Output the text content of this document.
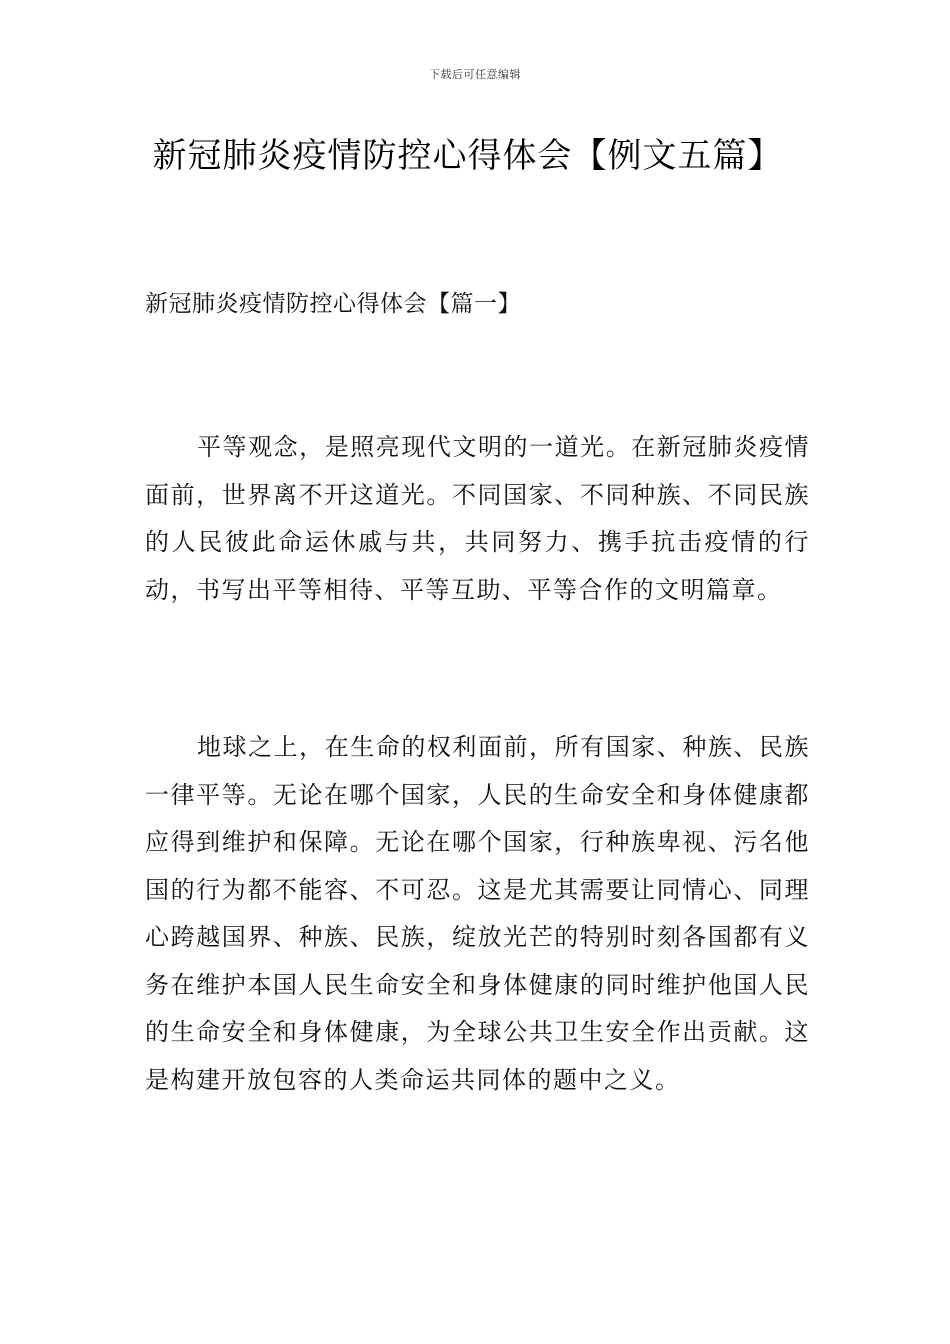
下载后可任意编辑
新冠肺炎疫情防控心得体会【例文五篇】
新冠肺炎疫情防控心得体会【篇一】

平等观念，是照亮现代文明的一道光。在新冠肺炎疫情面前，世界离不开这道光。不同国家、不同种族、不同民族的人民彼此命运休戚与共，共同努力、携手抗击疫情的行动，书写出平等相待、平等互助、平等合作的文明篇章。

地球之上，在生命的权利面前，所有国家、种族、民族一律平等。无论在哪个国家，人民的生命安全和身体健康都应得到维护和保障。无论在哪个国家，行种族卑视、污名他国的行为都不能容、不可忍。这是尤其需要让同情心、同理心跨越国界、种族、民族，绽放光芒的特别时刻各国都有义务在维护本国人民生命安全和身体健康的同时维护他国人民的生命安全和身体健康，为全球公共卫生安全作出贡献。这是构建开放包容的人类命运共同体的题中之义。
